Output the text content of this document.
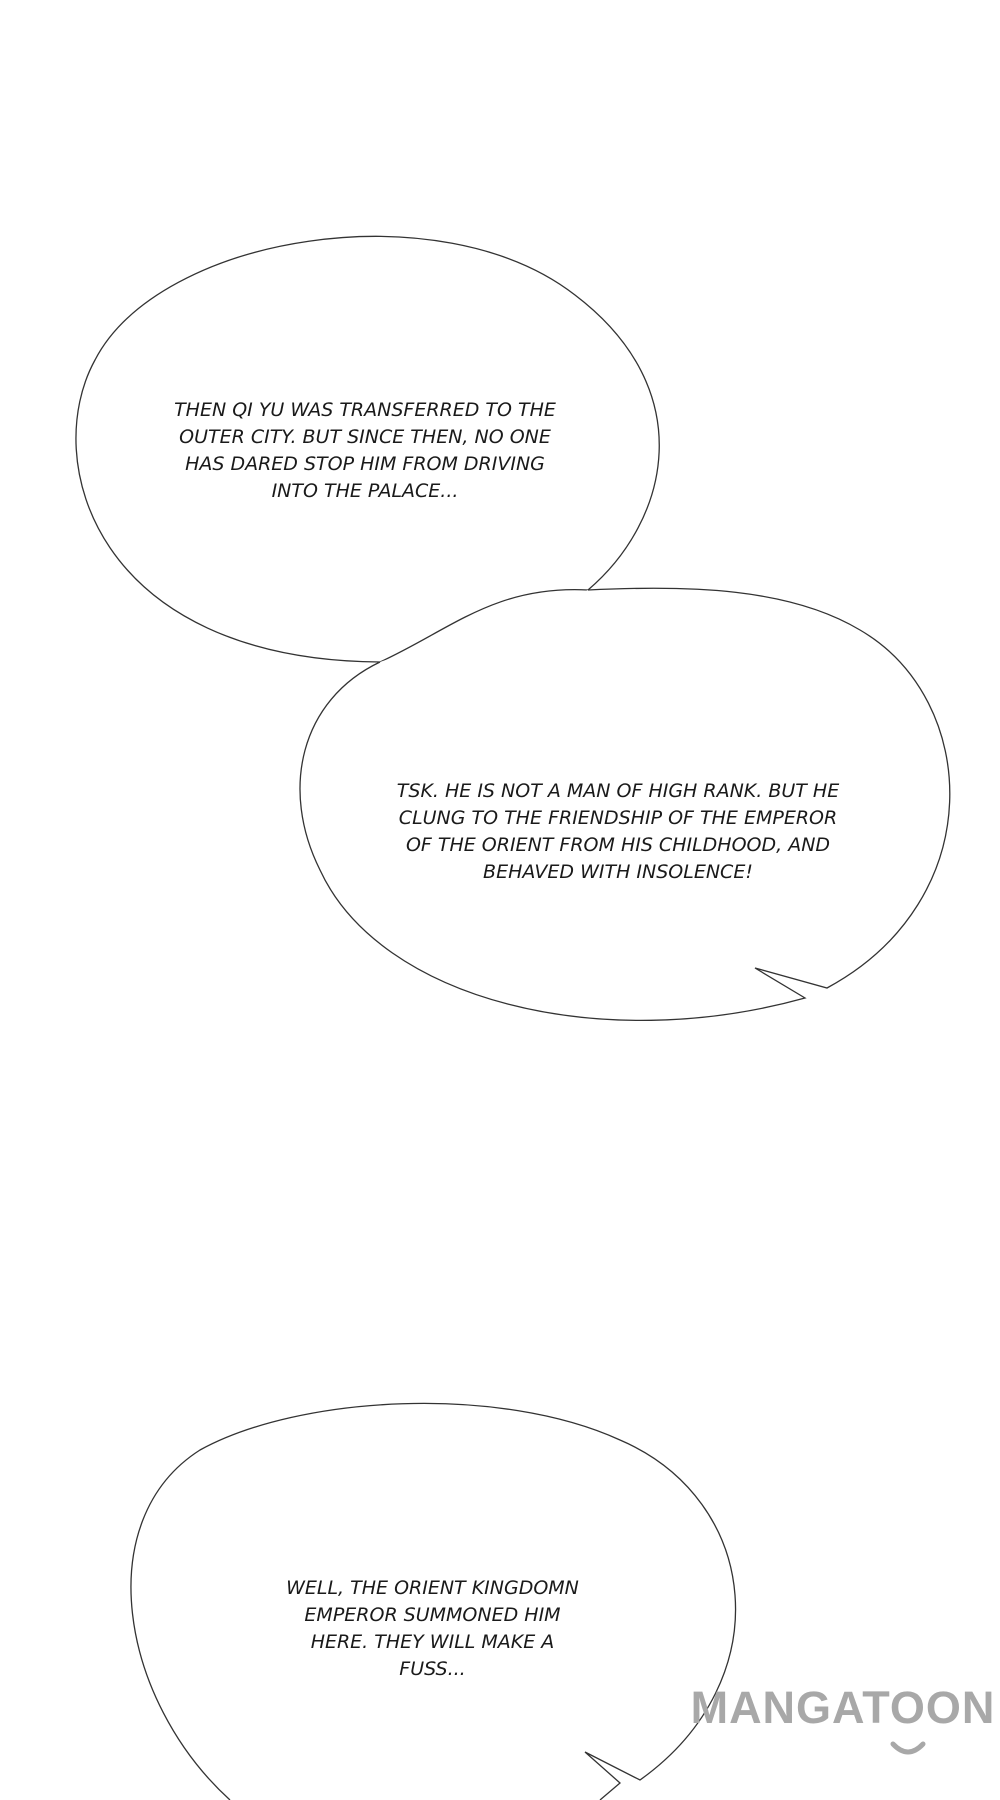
THEN QI YU WAS TRANSFERRED TO THE
OUTER CITY. BUT SINCE THEN, NO ONE
HAS DARED STOP HIM FROM DRIVING
INTO THE PALACE...

TSK. HE IS NOT A MAN OF HIGH RANK. BUT HE
CLUNG TO THE FRIENDSHIP OF THE EMPEROR
OF THE ORIENT FROM HIS CHILDHOOD, AND
BEHAVED WITH INSOLENCE!

WELL, THE ORIENT KINGDOMN
EMPEROR SUMMONED HIM
HERE. THEY WILL MAKE A
FUSS...

MANGATOON
